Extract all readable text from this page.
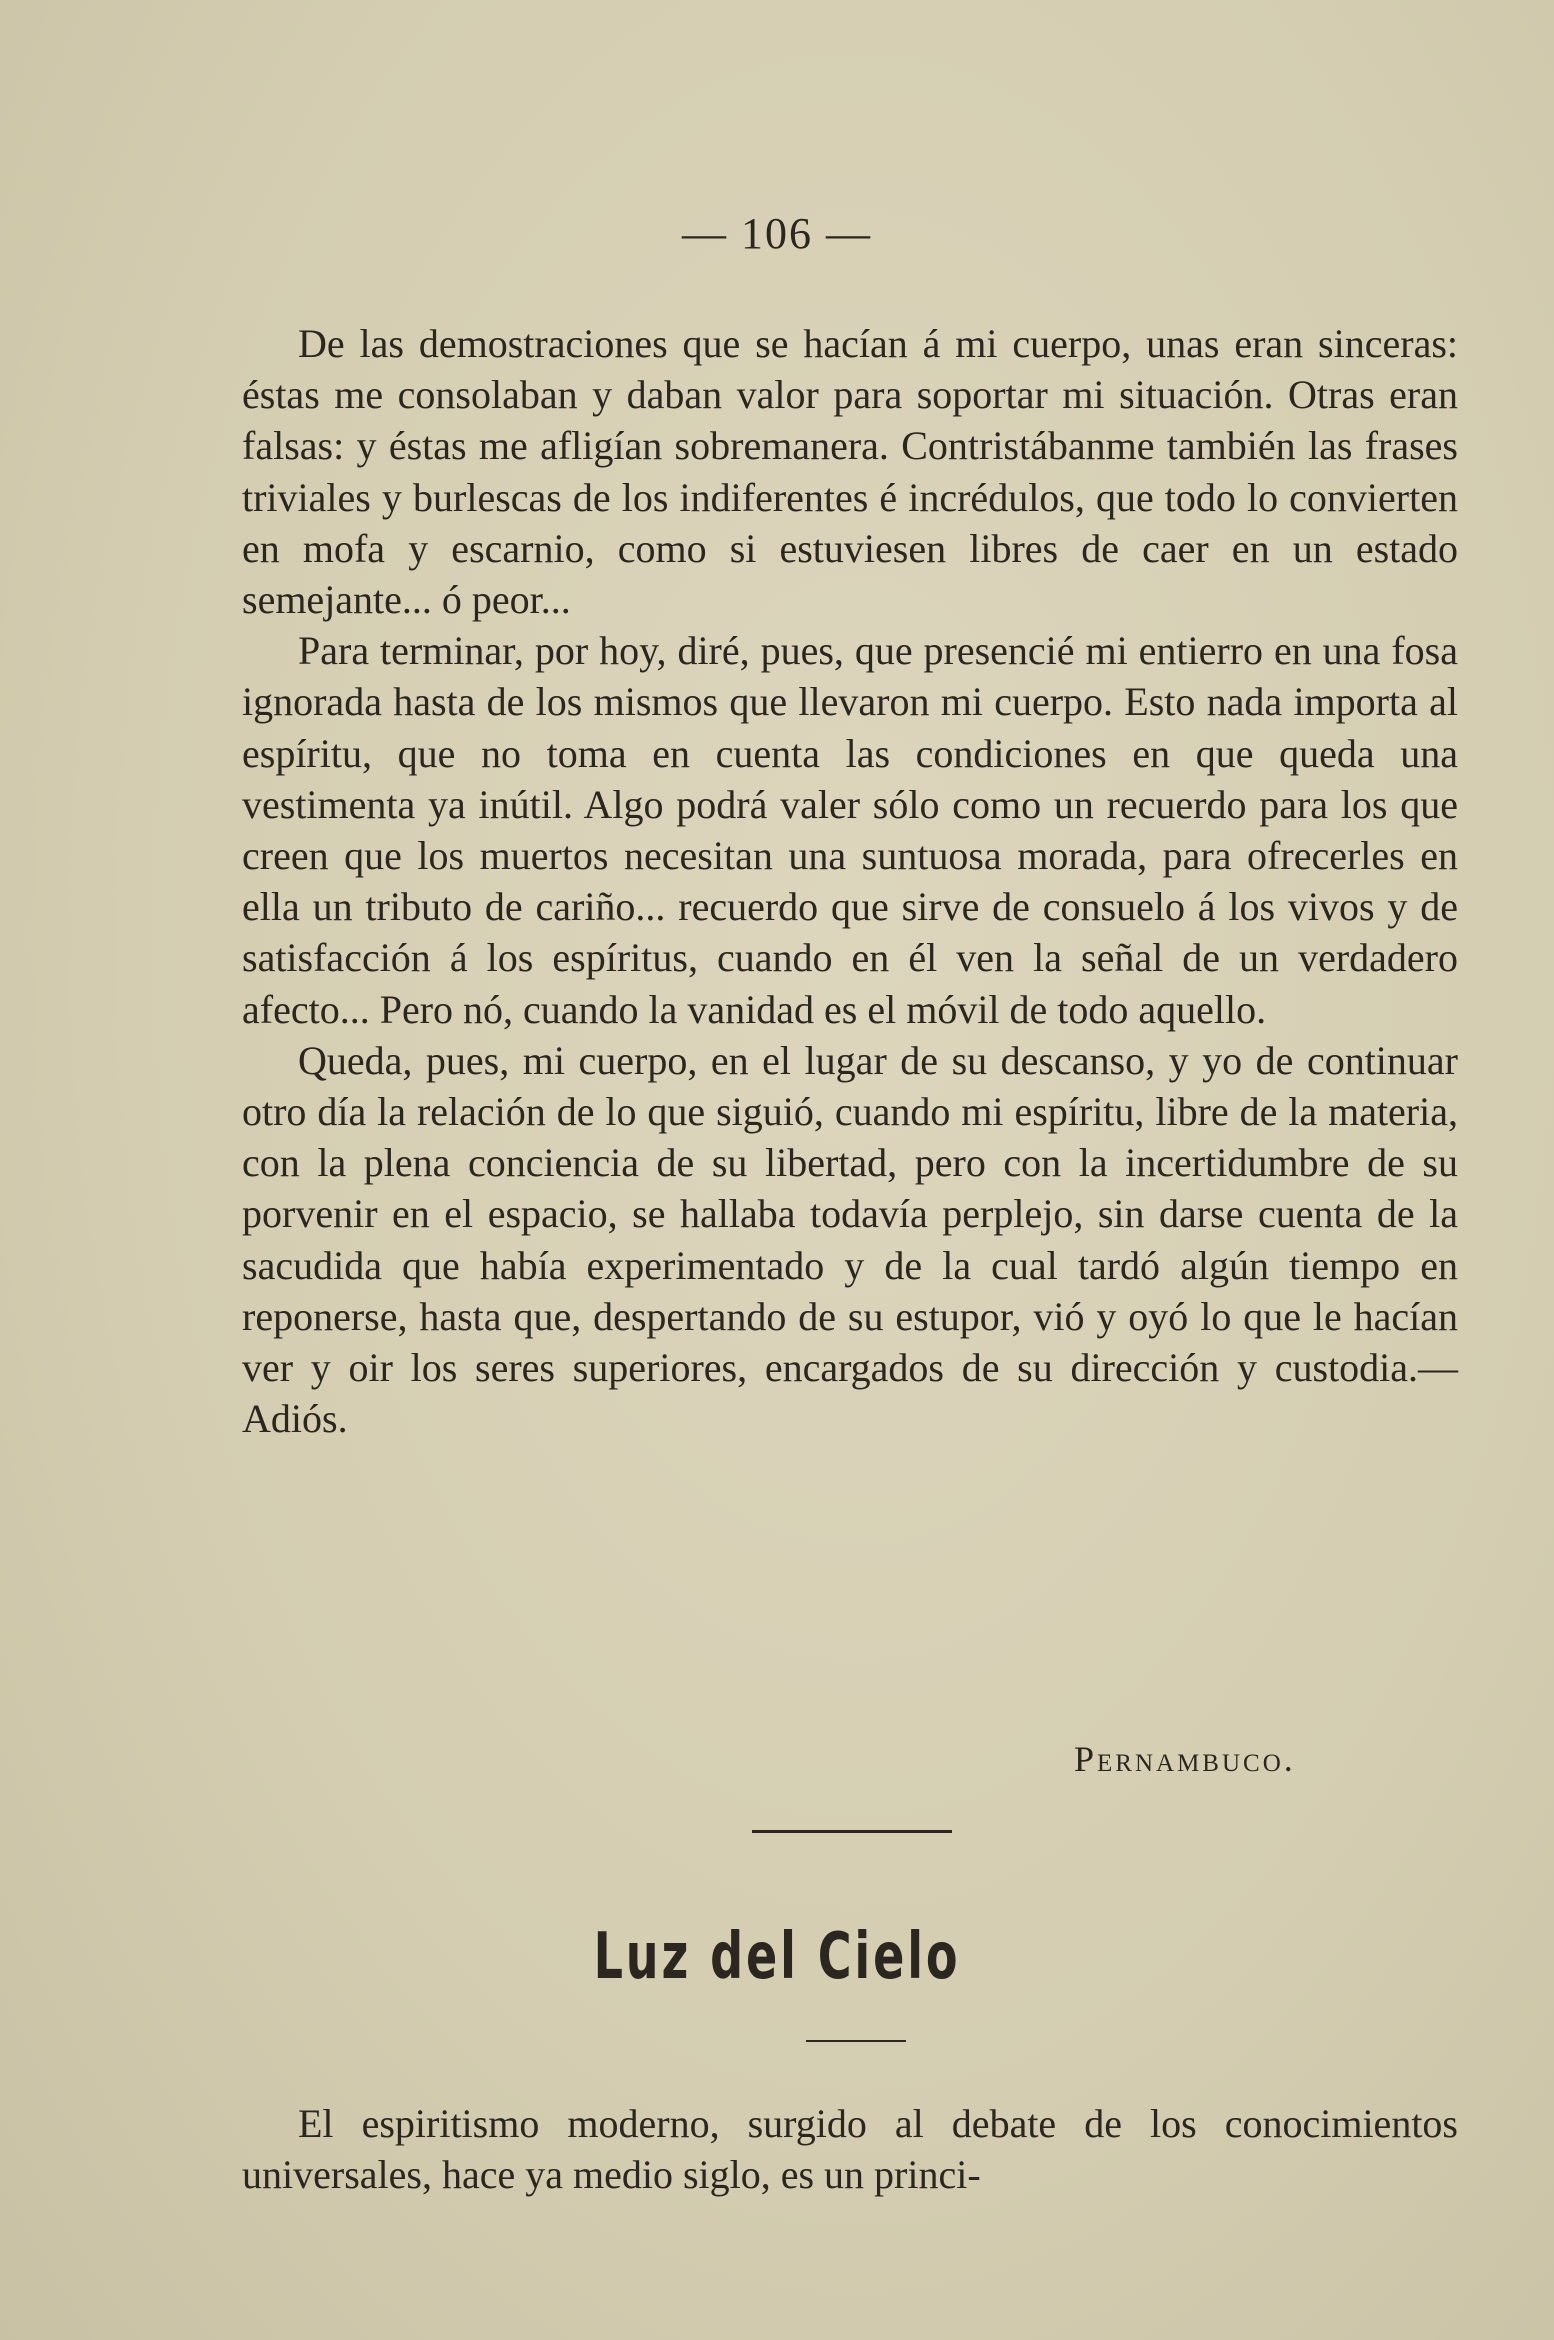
— 106 —

De las demostraciones que se hacían á mi cuerpo, unas eran sinceras: éstas me consolaban y daban valor para soportar mi situación. Otras eran falsas: y éstas me afligían sobremanera. Contristábanme también las frases triviales y burlescas de los indiferentes é incrédulos, que todo lo convierten en mofa y escarnio, como si estuviesen libres de caer en un estado semejante... ó peor...

Para terminar, por hoy, diré, pues, que presencié mi entierro en una fosa ignorada hasta de los mismos que llevaron mi cuerpo. Esto nada importa al espíritu, que no toma en cuenta las condiciones en que queda una vestimenta ya inútil. Algo podrá valer sólo como un recuerdo para los que creen que los muertos necesitan una suntuosa morada, para ofrecerles en ella un tributo de cariño... recuerdo que sirve de consuelo á los vivos y de satisfacción á los espíritus, cuando en él ven la señal de un verdadero afecto... Pero nó, cuando la vanidad es el móvil de todo aquello.

Queda, pues, mi cuerpo, en el lugar de su descanso, y yo de continuar otro día la relación de lo que siguió, cuando mi espíritu, libre de la materia, con la plena conciencia de su libertad, pero con la incertidumbre de su porvenir en el espacio, se hallaba todavía perplejo, sin darse cuenta de la sacudida que había experimentado y de la cual tardó algún tiempo en reponerse, hasta que, despertando de su estupor, vió y oyó lo que le hacían ver y oir los seres superiores, encargados de su dirección y custodia.—Adiós.

Pernambuco.
Luz del Cielo

El espiritismo moderno, surgido al debate de los conocimientos universales, hace ya medio siglo, es un princi-
